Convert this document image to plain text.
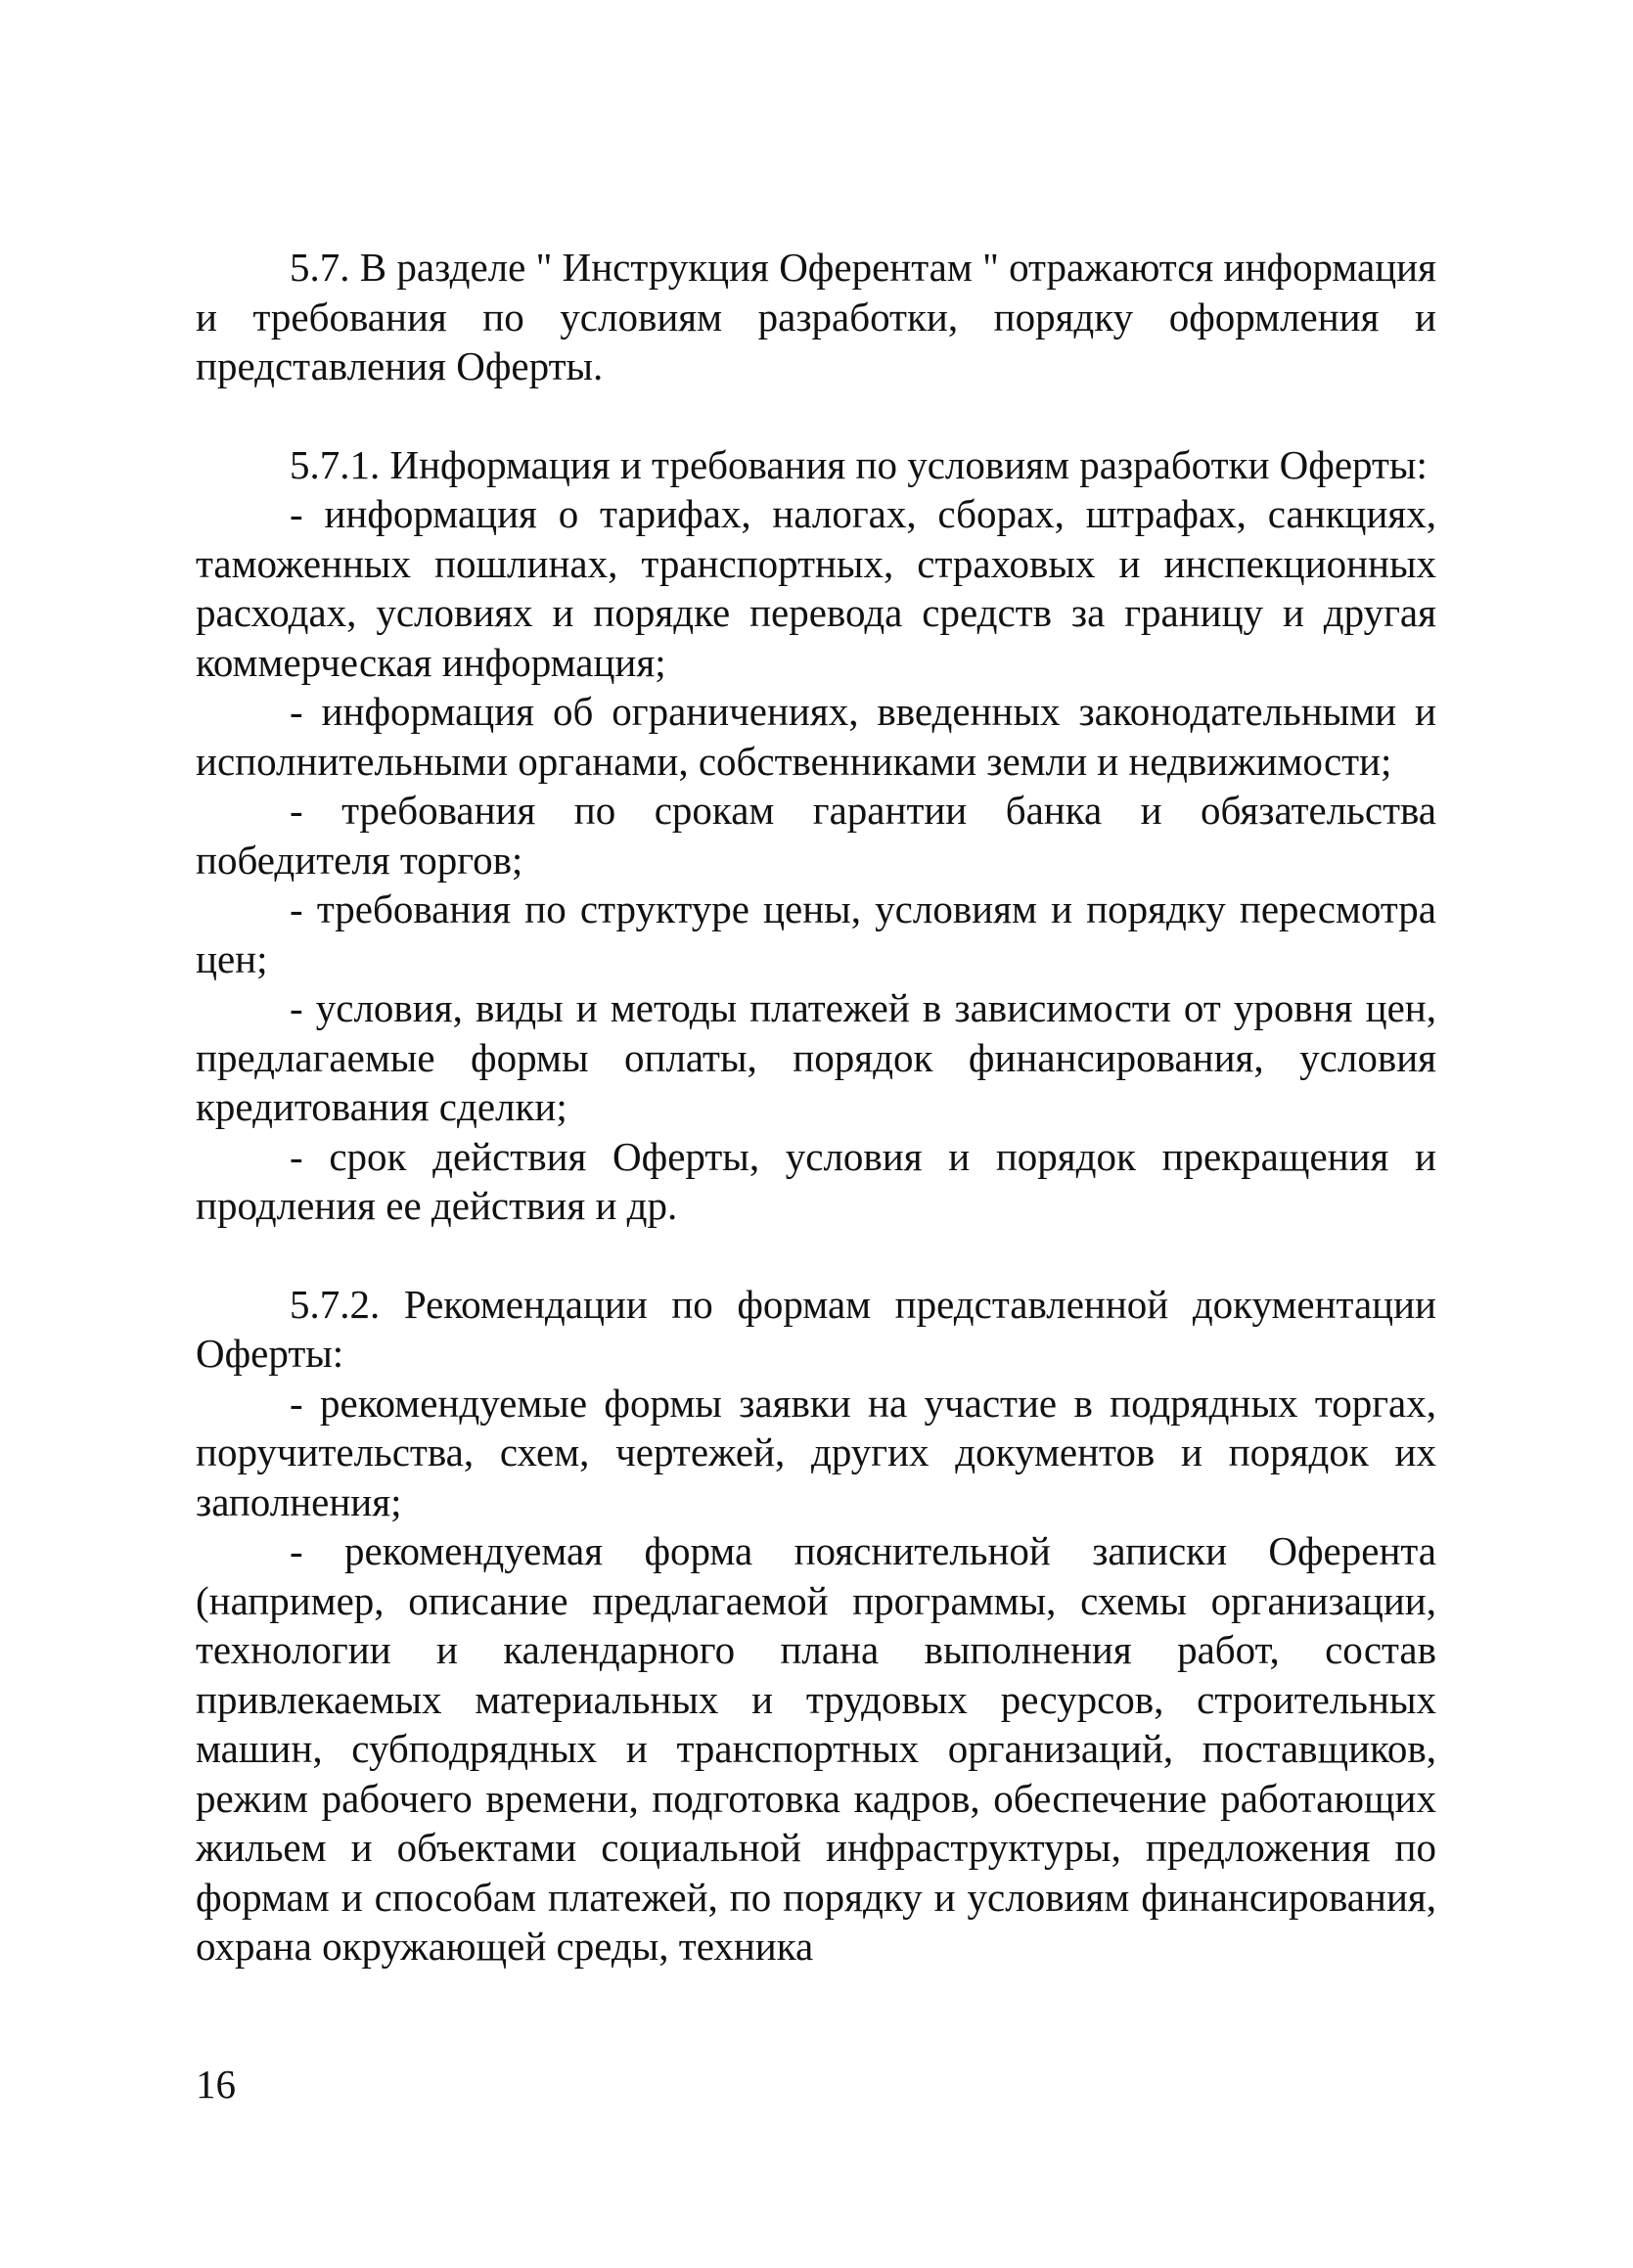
5.7. В разделе " Инструкция Оферентам " отражаются информация и требования по условиям разработки, порядку оформления и представления Оферты.

5.7.1. Информация и требования по условиям разработки Оферты:

- информация о тарифах, налогах, сборах, штрафах, санкциях, таможенных пошлинах, транспортных, страховых и инспекционных расходах, условиях и порядке перевода средств за границу и другая коммерческая информация;

- информация об ограничениях, введенных законодательными и исполнительными органами, собственниками земли и недвижимости;

- требования по срокам гарантии банка и обязательства победителя торгов;

- требования по структуре цены, условиям и порядку пересмотра цен;

- условия, виды и методы платежей в зависимости от уровня цен, предлагаемые формы оплаты, порядок финансирования, условия кредитования сделки;

- срок действия Оферты, условия и порядок прекращения и продления ее действия и др.

5.7.2. Рекомендации по формам представленной документации Оферты:

- рекомендуемые формы заявки на участие в подрядных торгах, поручительства, схем, чертежей, других документов и порядок их заполнения;

- рекомендуемая форма пояснительной записки Оферента (например, описание предлагаемой программы, схемы организации, технологии и календарного плана выполнения работ, состав привлекаемых материальных и трудовых ресурсов, строительных машин, субподрядных и транспортных организаций, поставщиков, режим рабочего времени, подготовка кадров, обеспечение работающих жильем и объектами социальной инфраструктуры, предложения по формам и способам платежей, по порядку и условиям финансирования, охрана окружающей среды, техника

16
